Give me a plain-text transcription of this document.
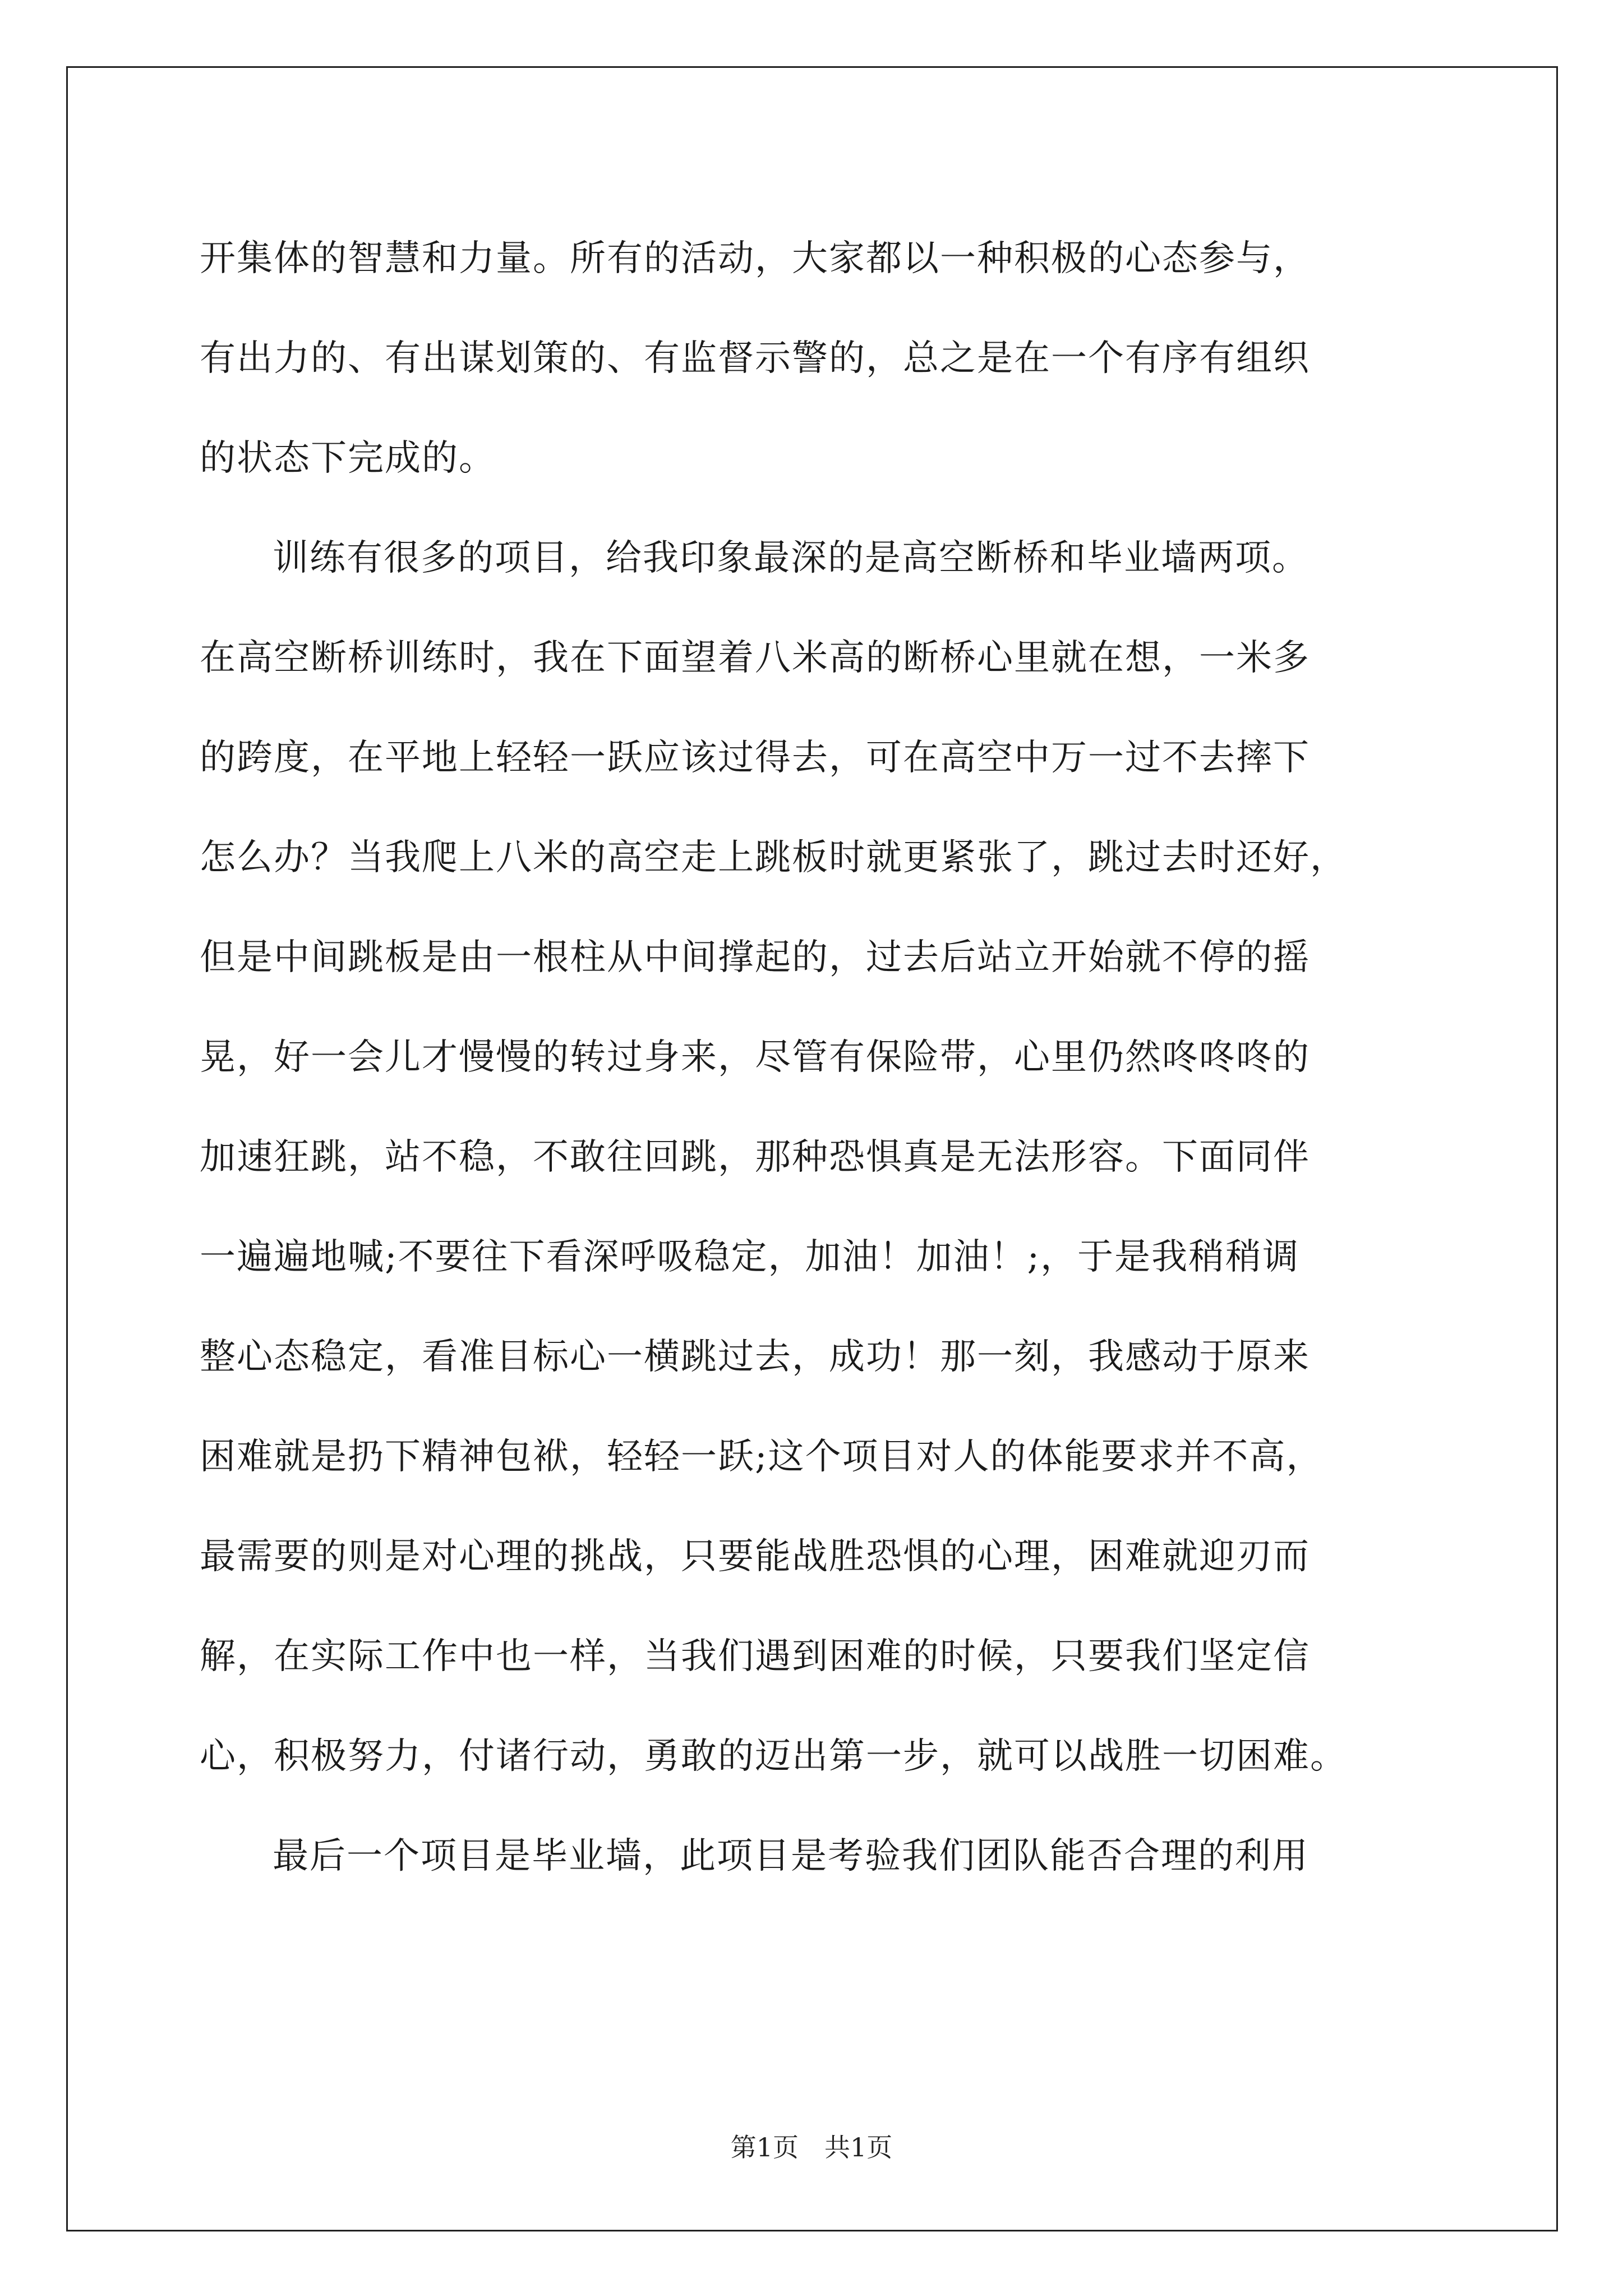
开集体的智慧和力量。所有的活动，大家都以一种积极的心态参与，
有出力的、有出谋划策的、有监督示警的，总之是在一个有序有组织
的状态下完成的。
训练有很多的项目，给我印象最深的是高空断桥和毕业墙两项。
在高空断桥训练时，我在下面望着八米高的断桥心里就在想，一米多
的跨度，在平地上轻轻一跃应该过得去，可在高空中万一过不去摔下
怎么办？当我爬上八米的高空走上跳板时就更紧张了，跳过去时还好，
但是中间跳板是由一根柱从中间撑起的，过去后站立开始就不停的摇
晃，好一会儿才慢慢的转过身来，尽管有保险带，心里仍然咚咚咚的
加速狂跳，站不稳，不敢往回跳，那种恐惧真是无法形容。下面同伴
一遍遍地喊;不要往下看深呼吸稳定，加油！加油！;，于是我稍稍调
整心态稳定，看准目标心一横跳过去，成功！那一刻，我感动于原来
困难就是扔下精神包袱，轻轻一跃;这个项目对人的体能要求并不高，
最需要的则是对心理的挑战，只要能战胜恐惧的心理，困难就迎刃而
解，在实际工作中也一样，当我们遇到困难的时候，只要我们坚定信
心，积极努力，付诸行动，勇敢的迈出第一步，就可以战胜一切困难。
最后一个项目是毕业墙，此项目是考验我们团队能否合理的利用
第1页　共1页
